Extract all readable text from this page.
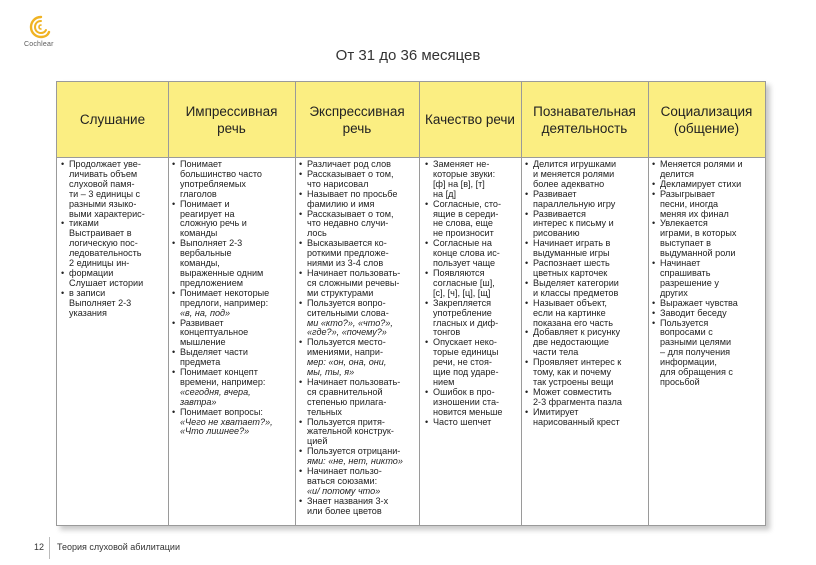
Cochlear
От 31 до 36 месяцев
Слушание
Импрессивная речь
Экспрессивная речь
Качество речи
Познавательная деятельность
Социализация (общение)
• Продолжает уве-
личивать объем
слуховой памя-
ти – 3 единицы с
разными языко-
выми характерис-
• тиками
Выстраивает в
логическую пос-
ледовательность
2 единицы ин-
• формации
Слушает истории
• в записи
Выполняет 2-3
указания
• Понимает
большинство часто
употребляемых
глаголов
• Понимает и
реагирует на
сложную речь и
команды
• Выполняет 2-3
вербальные
команды,
выраженные одним
предложением
• Понимает некоторые
предлоги, например:
«в, на, под»
• Развивает
концептуальное
мышление
• Выделяет части
предмета
• Понимает концепт
времени, например:
«сегодня, вчера,
завтра»
• Понимает вопросы:
«Чего не хватает?»,
«Что лишнее?»
• Различает род слов
• Рассказывает о том,
что нарисовал
• Называет по просьбе
фамилию и имя
• Рассказывает о том,
что недавно случи-
лось
• Высказывается ко-
роткими предложе-
ниями из 3-4 слов
• Начинает пользовать-
ся сложными речевы-
ми структурами
• Пользуется вопро-
сительными слова-
ми «кто?», «что?»,
«где?», «почему?»
• Пользуется место-
имениями, напри-
мер: «он, она, они,
мы, ты, я»
• Начинает пользовать-
ся сравнительной
степенью прилага-
тельных
• Пользуется притя-
жательной конструк-
цией
• Пользуется отрицани-
ями: «не, нет, никто»
• Начинает пользо-
ваться союзами:
«и/ потому что»
• Знает названия 3-х
или более цветов
• Заменяет не-
которые звуки:
[ф] на [в], [т]
на [д]
• Согласные, сто-
ящие в середи-
не слова, еще
не произносит
• Согласные на
конце слова ис-
пользует чаще
• Появляются
согласные [ш],
[с], [ч], [ц], [щ]
• Закрепляется
употребление
гласных и диф-
тонгов
• Опускает неко-
торые единицы
речи, не стоя-
щие под ударе-
нием
• Ошибок в про-
изношении ста-
новится меньше
• Часто шепчет
• Делится игрушками
и меняется ролями
более адекватно
• Развивает
параллельную игру
• Развивается
интерес к письму и
рисованию
• Начинает играть в
выдуманные игры
• Распознает шесть
цветных карточек
• Выделяет категории
и классы предметов
• Называет объект,
если на картинке
показана его часть
• Добавляет к рисунку
две недостающие
части тела
• Проявляет интерес к
тому, как и почему
так устроены вещи
• Может совместить
2-3 фрагмента пазла
• Имитирует
нарисованный крест
• Меняется ролями и
делится
• Декламирует стихи
• Разыгрывает
песни, иногда
меняя их финал
• Увлекается
играми, в которых
выступает в
выдуманной роли
• Начинает
спрашивать
разрешение у
других
• Выражает чувства
• Заводит беседу
• Пользуется
вопросами с
разными целями
– для получения
информации,
для обращения с
просьбой
12 Теория слуховой абилитации
